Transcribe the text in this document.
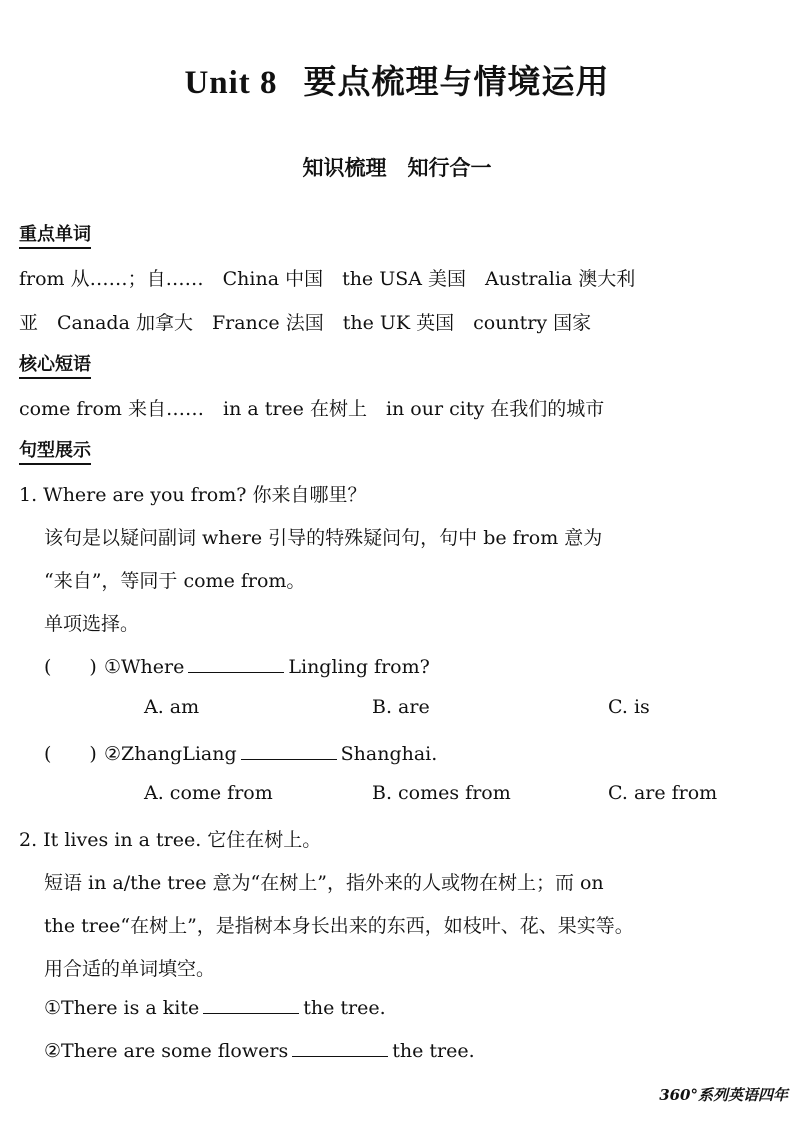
Unit 8 要点梳理与情境运用
知识梳理　知行合一
重点单词
from 从……；自……　China 中国　the USA 美国　Australia 澳大利
亚　Canada 加拿大　France 法国　the UK 英国　country 国家
核心短语
come from 来自……　in a tree 在树上　in our city 在我们的城市
句型展示
1. Where are you from? 你来自哪里？
该句是以疑问副词 where 引导的特殊疑问句，句中 be from 意为
“来自”，等同于 come from。
单项选择。
(　　) ①Where	Lingling from?
A. am	B. are	C. is
(　　) ②ZhangLiang	Shanghai.
A. come from	B. comes from	C. are from
2. It lives in a tree. 它住在树上。
短语 in a/the tree 意为“在树上”，指外来的人或物在树上；而 on
the tree“在树上”，是指树本身长出来的东西，如枝叶、花、果实等。
用合适的单词填空。
①There is a kite	the tree.
②There are some flowers	the tree.
360°系列英语四年
